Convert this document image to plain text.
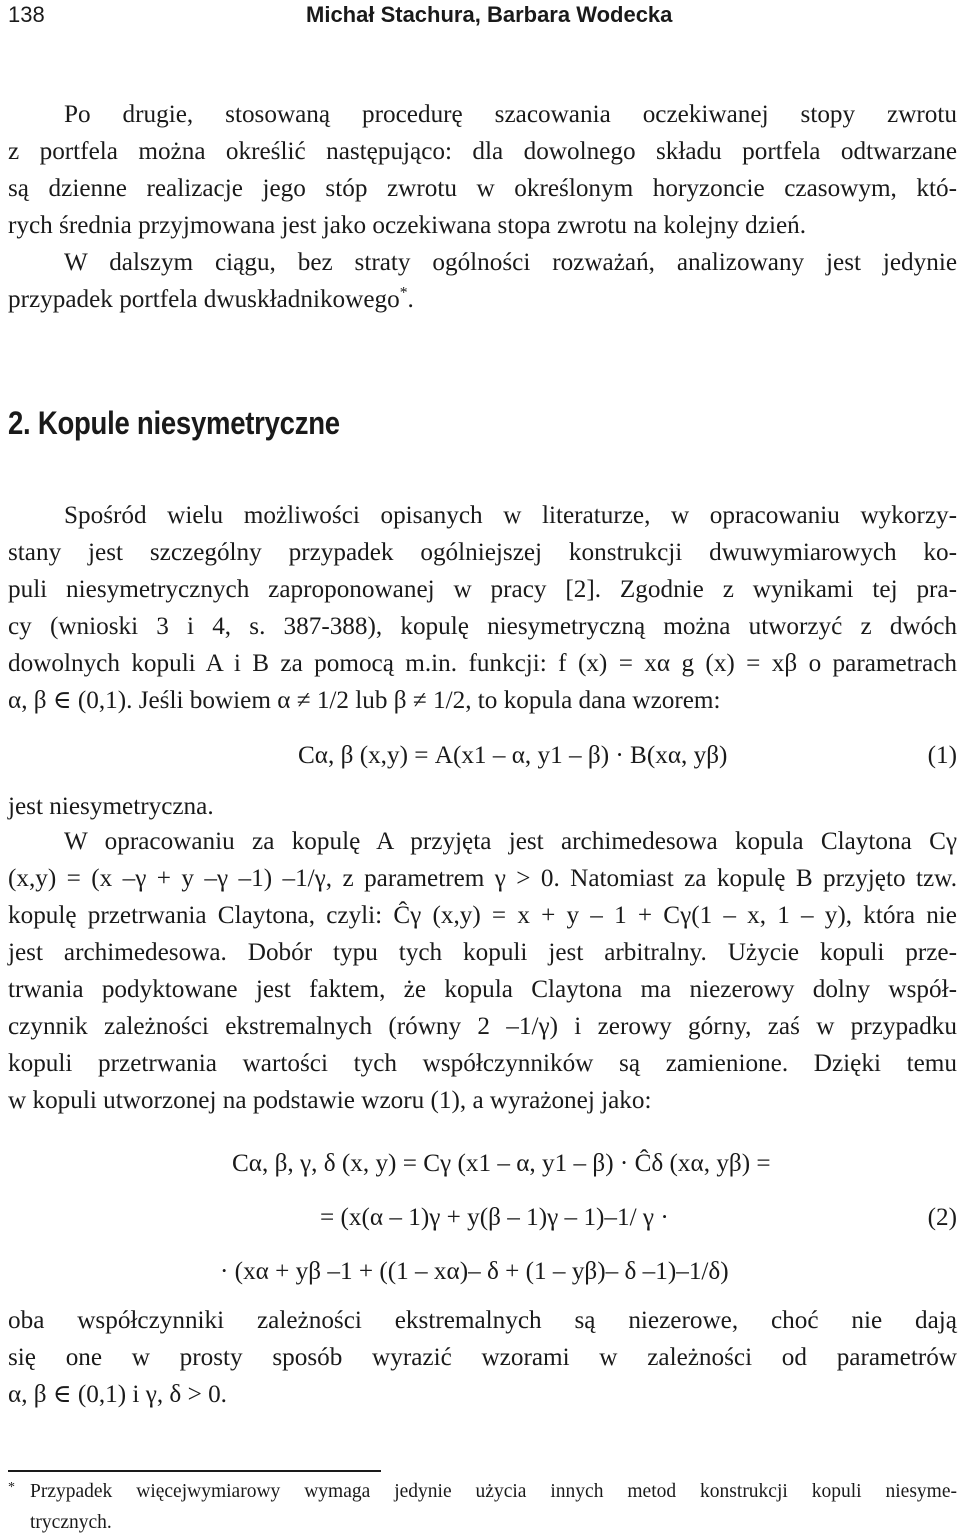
138	Michał Stachura, Barbara Wodecka

Po drugie, stosowaną procedurę szacowania oczekiwanej stopy zwrotu
z portfela można określić następująco: dla dowolnego składu portfela odtwarzane
są dzienne realizacje jego stóp zwrotu w określonym horyzoncie czasowym, któ-
rych średnia przyjmowana jest jako oczekiwana stopa zwrotu na kolejny dzień.

W dalszym ciągu, bez straty ogólności rozważań, analizowany jest jedynie
przypadek portfela dwuskładnikowego*.

2. Kopule niesymetryczne

Spośród wielu możliwości opisanych w literaturze, w opracowaniu wykorzy-
stany jest szczególny przypadek ogólniejszej konstrukcji dwuwymiarowych ko-
puli niesymetrycznych zaproponowanej w pracy [2]. Zgodnie z wynikami tej pra-
cy (wnioski 3 i 4, s. 387-388), kopulę niesymetryczną można utworzyć z dwóch
dowolnych kopuli A i B za pomocą m.in. funkcji: f (x) = xα g (x) = xβ o parametrach
α, β ∈ (0,1). Jeśli bowiem α ≠ 1/2 lub β ≠ 1/2, to kopula dana wzorem:

Cα, β (x,y) = A(x1 – α, y1 – β) · B(xα, yβ)	(1)

jest niesymetryczna.

W opracowaniu za kopulę A przyjęta jest archimedesowa kopula Claytona Cγ
(x,y) = (x –γ + y –γ –1) –1/γ, z parametrem γ > 0. Natomiast za kopulę B przyjęto tzw.
kopulę przetrwania Claytona, czyli: Ĉγ (x,y) = x + y – 1 + Cγ(1 – x, 1 – y), która nie
jest archimedesowa. Dobór typu tych kopuli jest arbitralny. Użycie kopuli prze-
trwania podyktowane jest faktem, że kopula Claytona ma niezerowy dolny współ-
czynnik zależności ekstremalnych (równy 2 –1/γ) i zerowy górny, zaś w przypadku
kopuli przetrwania wartości tych współczynników są zamienione. Dzięki temu
w kopuli utworzonej na podstawie wzoru (1), a wyrażonej jako:

Cα, β, γ, δ (x, y) = Cγ (x1 – α, y1 – β) · Ĉδ (xα, yβ) =
= (x(α – 1)γ + y(β – 1)γ – 1)–1/ γ ·	(2)
· (xα + yβ –1 + ((1 – xα)– δ + (1 – yβ)– δ –1)–1/δ)

oba współczynniki zależności ekstremalnych są niezerowe, choć nie dają
się one w prosty sposób wyrazić wzorami w zależności od parametrów
α, β ∈ (0,1) i γ, δ > 0.

* Przypadek więcejwymiarowy wymaga jedynie użycia innych metod konstrukcji kopuli niesyme-
trycznych.
